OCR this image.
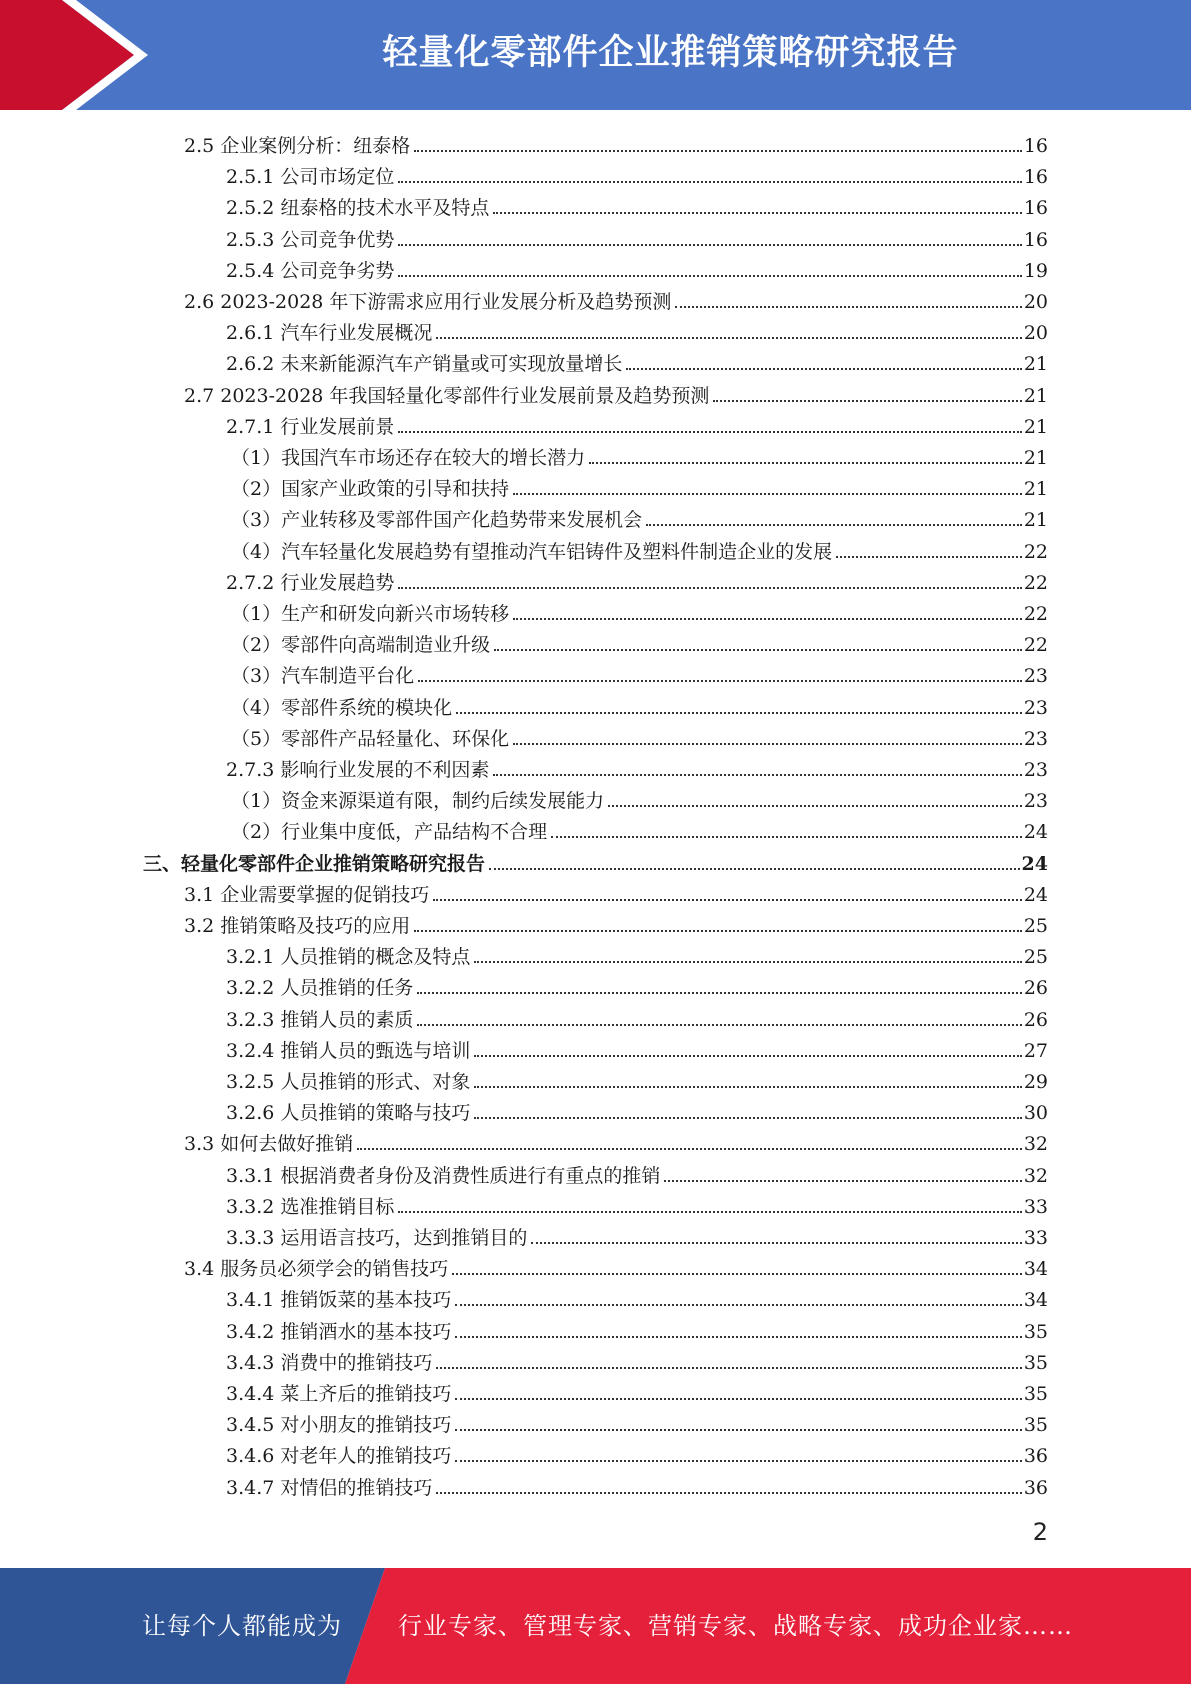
轻量化零部件企业推销策略研究报告
2.5 企业案例分析：纽泰格	16
2.5.1 公司市场定位	16
2.5.2 纽泰格的技术水平及特点	16
2.5.3 公司竞争优势	16
2.5.4 公司竞争劣势	19
2.6 2023-2028 年下游需求应用行业发展分析及趋势预测	20
2.6.1 汽车行业发展概况	20
2.6.2 未来新能源汽车产销量或可实现放量增长	21
2.7 2023-2028 年我国轻量化零部件行业发展前景及趋势预测	21
2.7.1 行业发展前景	21
（1）我国汽车市场还存在较大的增长潜力	21
（2）国家产业政策的引导和扶持	21
（3）产业转移及零部件国产化趋势带来发展机会	21
（4）汽车轻量化发展趋势有望推动汽车铝铸件及塑料件制造企业的发展	22
2.7.2 行业发展趋势	22
（1）生产和研发向新兴市场转移	22
（2）零部件向高端制造业升级	22
（3）汽车制造平台化	23
（4）零部件系统的模块化	23
（5）零部件产品轻量化、环保化	23
2.7.3 影响行业发展的不利因素	23
（1）资金来源渠道有限，制约后续发展能力	23
（2）行业集中度低，产品结构不合理	24
三、轻量化零部件企业推销策略研究报告	24
3.1 企业需要掌握的促销技巧	24
3.2 推销策略及技巧的应用	25
3.2.1 人员推销的概念及特点	25
3.2.2 人员推销的任务	26
3.2.3 推销人员的素质	26
3.2.4 推销人员的甄选与培训	27
3.2.5 人员推销的形式、对象	29
3.2.6 人员推销的策略与技巧	30
3.3 如何去做好推销	32
3.3.1 根据消费者身份及消费性质进行有重点的推销	32
3.3.2 选准推销目标	33
3.3.3 运用语言技巧，达到推销目的	33
3.4 服务员必须学会的销售技巧	34
3.4.1 推销饭菜的基本技巧	34
3.4.2 推销酒水的基本技巧	35
3.4.3 消费中的推销技巧	35
3.4.4 菜上齐后的推销技巧	35
3.4.5 对小朋友的推销技巧	35
3.4.6 对老年人的推销技巧	36
3.4.7 对情侣的推销技巧	36
2
让每个人都能成为 行业专家、管理专家、营销专家、战略专家、成功企业家……
